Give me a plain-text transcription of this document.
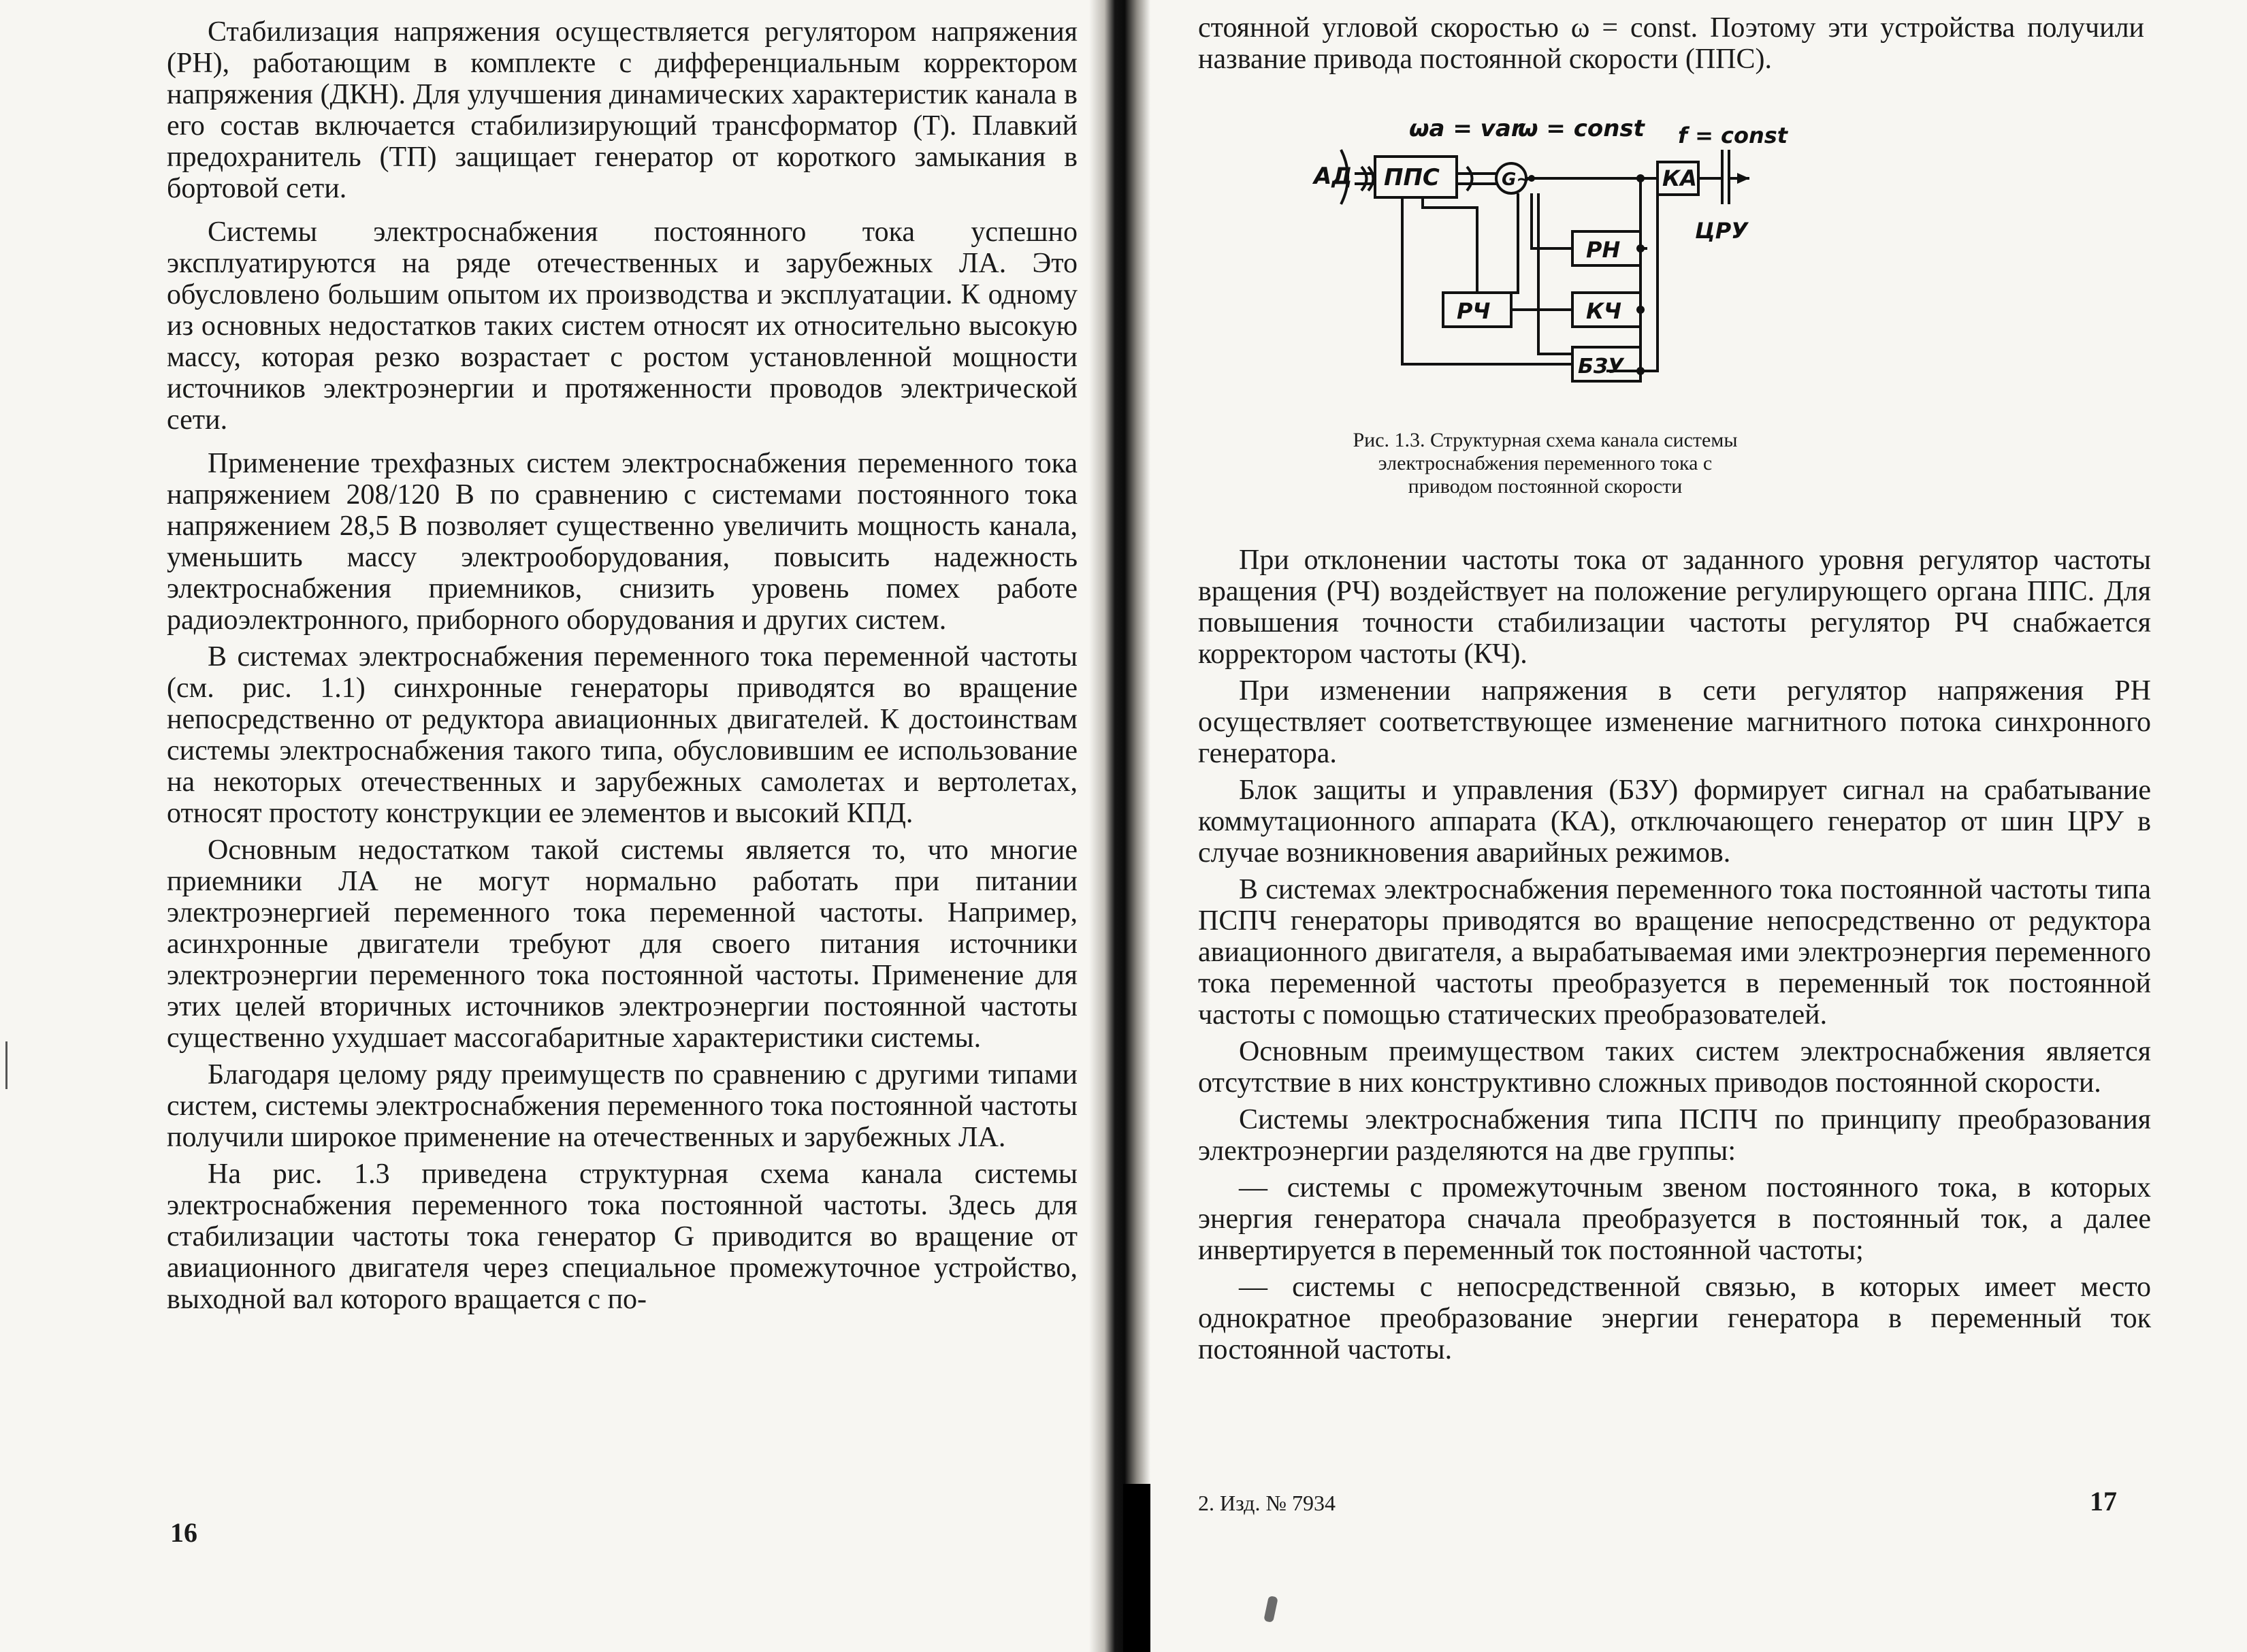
Стабилизация напряжения осуществляется регулятором напряжения (РН), работающим в комплекте с дифференциальным корректором напряжения (ДКН). Для улучшения динамических характеристик канала в его состав включается стабилизирующий трансформатор (Т). Плавкий предохранитель (ТП) защищает генератор от короткого замыкания в бортовой сети.

Системы электроснабжения постоянного тока успешно эксплуатируются на ряде отечественных и зарубежных ЛА. Это обусловлено большим опытом их производства и эксплуатации. К одному из основных недостатков таких систем относят их относительно высокую массу, которая резко возрастает с ростом установленной мощности источников электроэнергии и протяженности проводов электрической сети.

Применение трехфазных систем электроснабжения переменного тока напряжением 208/120 В по сравнению с системами постоянного тока напряжением 28,5 В позволяет существенно увеличить мощность канала, уменьшить массу электрооборудования, повысить надежность электроснабжения приемников, снизить уровень помех работе радиоэлектронного, приборного оборудования и других систем.

В системах электроснабжения переменного тока переменной частоты (см. рис. 1.1) синхронные генераторы приводятся во вращение непосредственно от редуктора авиационных двигателей. К достоинствам системы электроснабжения такого типа, обусловившим ее использование на некоторых отечественных и зарубежных самолетах и вертолетах, относят простоту конструкции ее элементов и высокий КПД.

Основным недостатком такой системы является то, что многие приемники ЛА не могут нормально работать при питании электроэнергией переменного тока переменной частоты. Например, асинхронные двигатели требуют для своего питания источники электроэнергии переменного тока постоянной частоты. Применение для этих целей вторичных источников электроэнергии постоянной частоты существенно ухудшает массогабаритные характеристики системы.

Благодаря целому ряду преимуществ по сравнению с другими типами систем, системы электроснабжения переменного тока постоянной частоты получили широкое применение на отечественных и зарубежных ЛА.

На рис. 1.3 приведена структурная схема канала системы электроснабжения переменного тока постоянной частоты. Здесь для стабилизации частоты тока генератор G приводится во вращение от авиационного двигателя через специальное промежуточное устройство, выходной вал которого вращается с по-

16

стоянной угловой скоростью ω = const. Поэтому эти устройства получили название привода постоянной скорости (ППС).

АД ППС	G~	КА
РН
КЧ
РЧ
БЗУ
ЦРУ
ωa = var
ω = const f = const
Рис. 1.3. Структурная схема канала системы электроснабжения переменного тока с приводом постоянной скорости

При отклонении частоты тока от заданного уровня регулятор частоты вращения (РЧ) воздействует на положение регулирующего органа ППС. Для повышения точности стабилизации частоты регулятор РЧ снабжается корректором частоты (КЧ).

При изменении напряжения в сети регулятор напряжения РН осуществляет соответствующее изменение магнитного потока синхронного генератора.

Блок защиты и управления (БЗУ) формирует сигнал на срабатывание коммутационного аппарата (КА), отключающего генератор от шин ЦРУ в случае возникновения аварийных режимов.

В системах электроснабжения переменного тока постоянной частоты типа ПСПЧ генераторы приводятся во вращение непосредственно от редуктора авиационного двигателя, а вырабатываемая ими электроэнергия переменного тока переменной частоты преобразуется в переменный ток постоянной частоты с помощью статических преобразователей.

Основным преимуществом таких систем электроснабжения является отсутствие в них конструктивно сложных приводов постоянной скорости.

Системы электроснабжения типа ПСПЧ по принципу преобразования электроэнергии разделяются на две группы:

— системы с промежуточным звеном постоянного тока, в которых энергия генератора сначала преобразуется в постоянный ток, а далее инвертируется в переменный ток постоянной частоты;

— системы с непосредственной связью, в которых имеет место однократное преобразование энергии генератора в переменный ток постоянной частоты.

2. Изд. № 7934	17
